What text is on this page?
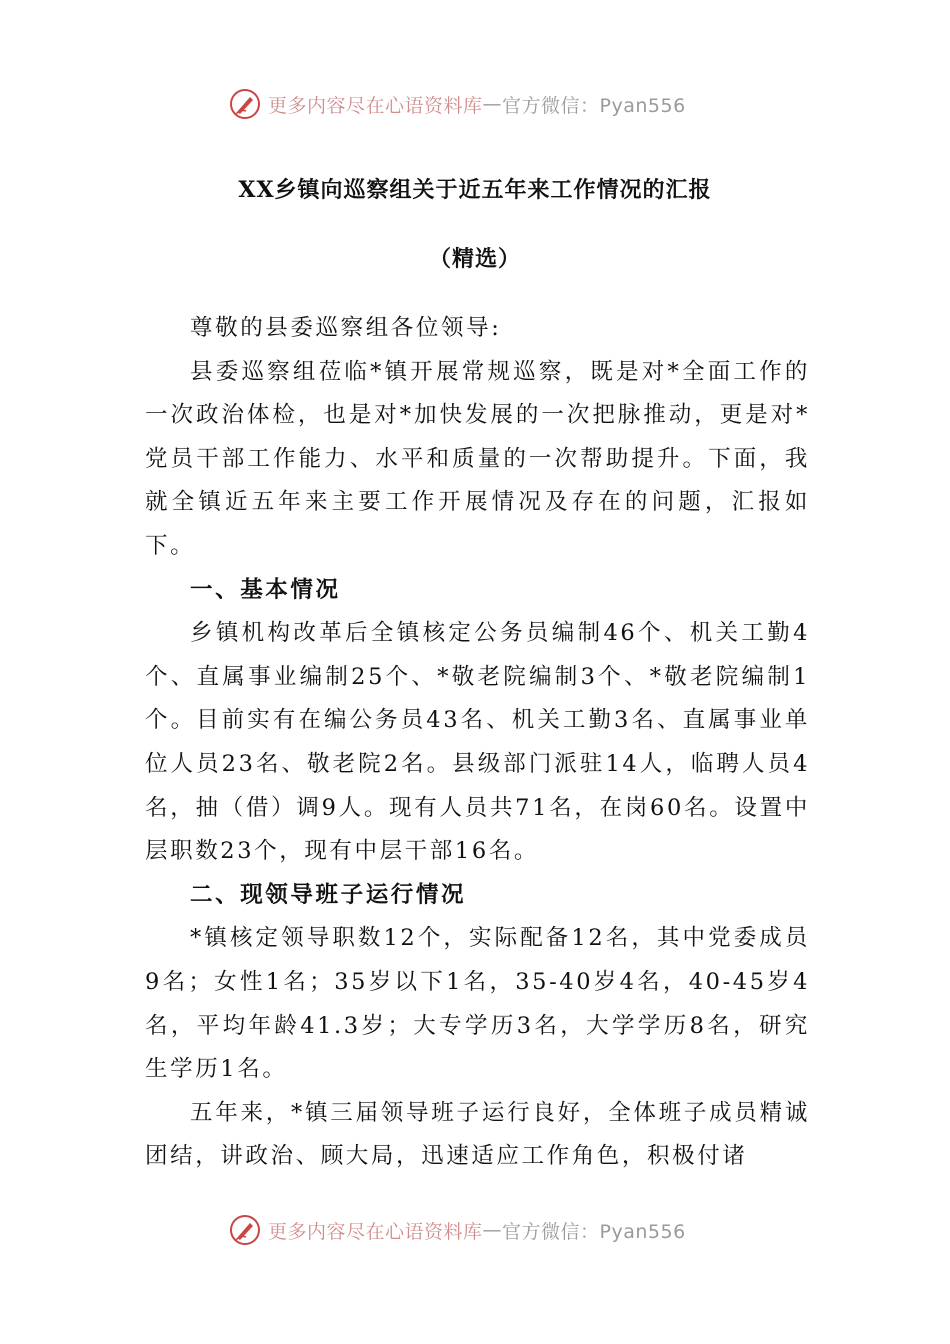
更多内容尽在心语资料库 — 官方微信：Pyan556
XX乡镇向巡察组关于近五年来工作情况的汇报
（精选）

尊敬的县委巡察组各位领导:

县委巡察组莅临*镇开展常规巡察，既是对*全面工作的一次政治体检，也是对*加快发展的一次把脉推动，更是对*党员干部工作能力、水平和质量的一次帮助提升。下面，我就全镇近五年来主要工作开展情况及存在的问题，汇报如下。

一、基本情况

乡镇机构改革后全镇核定公务员编制46个、机关工勤4个、直属事业编制25个、*敬老院编制3个、*敬老院编制1个。目前实有在编公务员43名、机关工勤3名、直属事业单位人员23名、敬老院2名。县级部门派驻14人，临聘人员4名，抽（借）调9人。现有人员共71名，在岗60名。设置中层职数23个，现有中层干部16名。

二、现领导班子运行情况

*镇核定领导职数12个，实际配备12名，其中党委成员9名；女性1名；35岁以下1名，35-40岁4名，40-45岁4名，平均年龄41.3岁；大专学历3名，大学学历8名，研究生学历1名。

五年来，*镇三届领导班子运行良好，全体班子成员精诚团结，讲政治、顾大局，迅速适应工作角色，积极付诸

更多内容尽在心语资料库 — 官方微信：Pyan556
